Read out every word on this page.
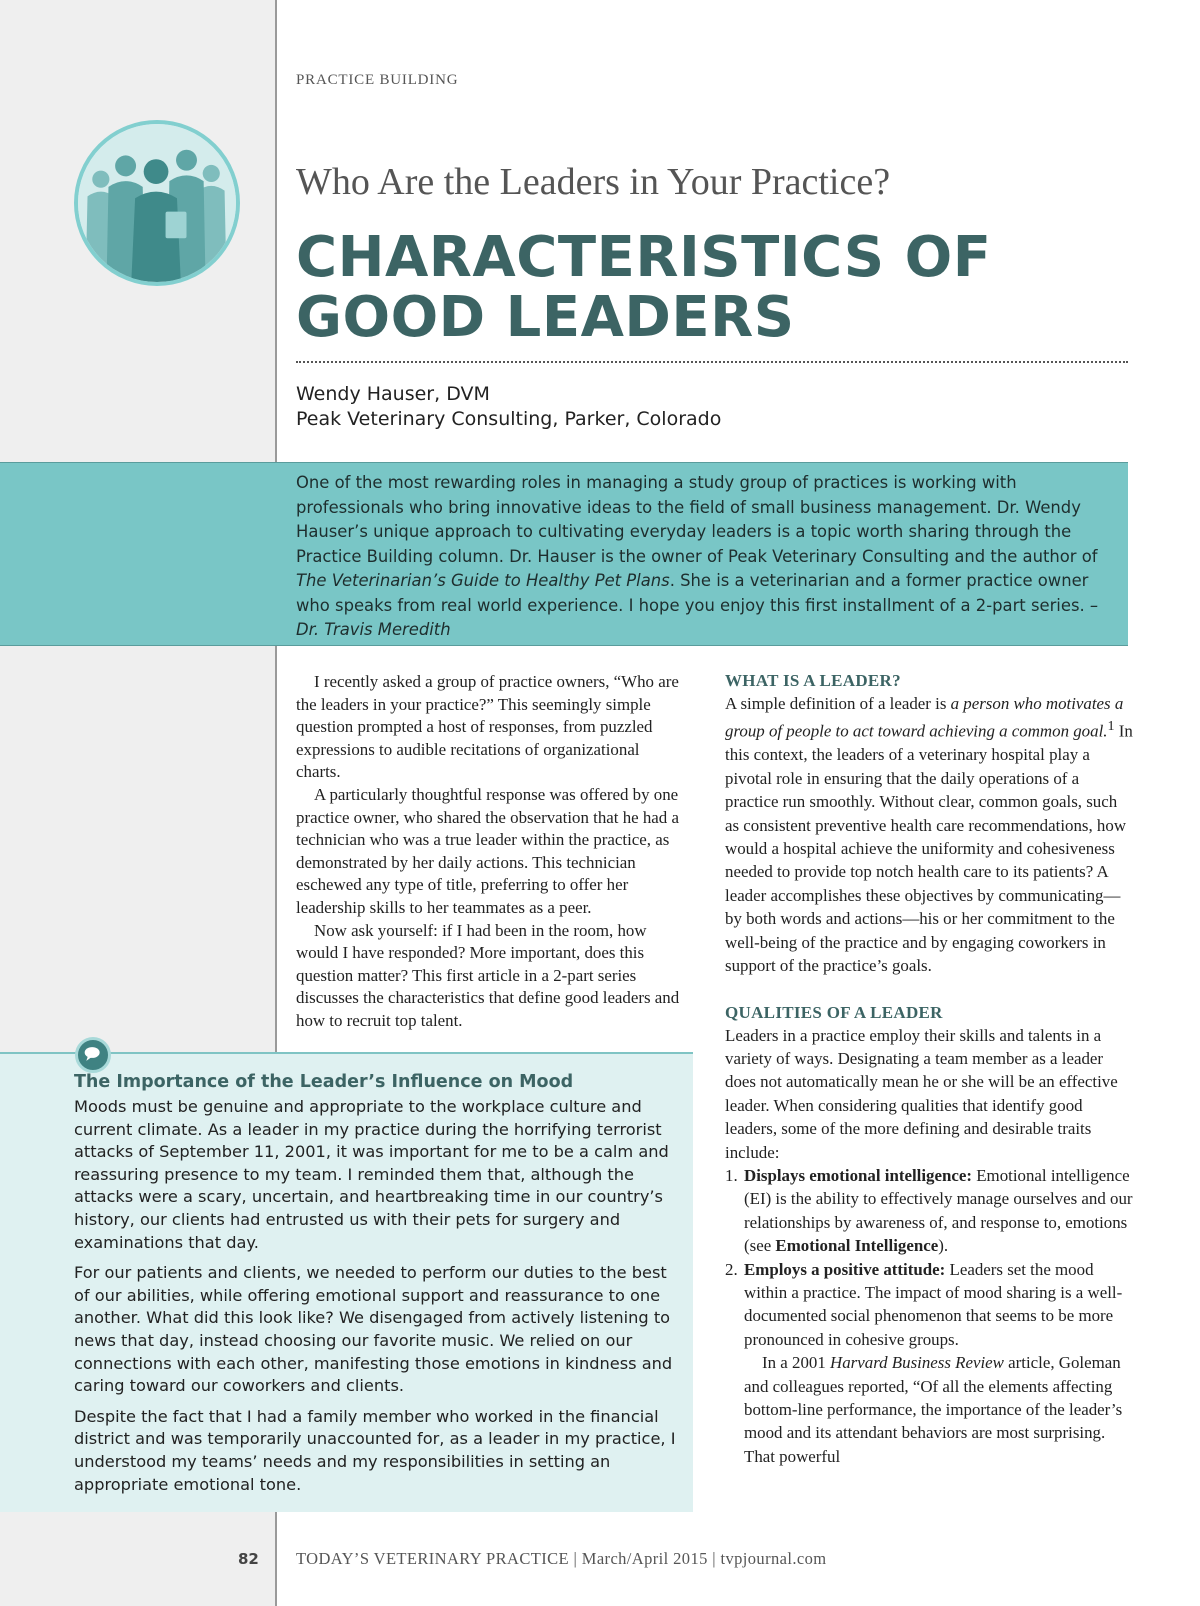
PRACTICE BUILDING
Who Are the Leaders in Your Practice?
CHARACTERISTICS OF
GOOD LEADERS
Wendy Hauser, DVM
Peak Veterinary Consulting, Parker, Colorado
One of the most rewarding roles in managing a study group of practices is working with professionals who bring innovative ideas to the field of small business management. Dr. Wendy Hauser’s unique approach to cultivating everyday leaders is a topic worth sharing through the Practice Building column. Dr. Hauser is the owner of Peak Veterinary Consulting and the author of The Veterinarian’s Guide to Healthy Pet Plans. She is a veterinarian and a former practice owner who speaks from real world experience. I hope you enjoy this first installment of a 2-part series. –Dr. Travis Meredith

I recently asked a group of practice owners, “Who are the leaders in your practice?” This seemingly simple question prompted a host of responses, from puzzled expressions to audible recitations of organizational charts.

A particularly thoughtful response was offered by one practice owner, who shared the observation that he had a technician who was a true leader within the practice, as demonstrated by her daily actions. This technician eschewed any type of title, preferring to offer her leadership skills to her teammates as a peer.

Now ask yourself: if I had been in the room, how would I have responded? More important, does this question matter? This first article in a 2-part series discusses the characteristics that define good leaders and how to recruit top talent.

WHAT IS A LEADER?

A simple definition of a leader is a person who motivates a group of people to act toward achieving a common goal.$^1$ In this context, the leaders of a veterinary hospital play a pivotal role in ensuring that the daily operations of a practice run smoothly. Without clear, common goals, such as consistent preventive health care recommendations, how would a hospital achieve the uniformity and cohesiveness needed to provide top notch health care to its patients? A leader accomplishes these objectives by communicating—by both words and actions—his or her commitment to the well-being of the practice and by engaging coworkers in support of the practice’s goals.

QUALITIES OF A LEADER

Leaders in a practice employ their skills and talents in a variety of ways. Designating a team member as a leader does not automatically mean he or she will be an effective leader. When considering qualities that identify good leaders, some of the more defining and desirable traits include:

1. Displays emotional intelligence: Emotional intelligence (EI) is the ability to effectively manage ourselves and our relationships by awareness of, and response to, emotions (see Emotional Intelligence).
2. Employs a positive attitude: Leaders set the mood within a practice. The impact of mood sharing is a well-documented social phenomenon that seems to be more pronounced in cohesive groups.

In a 2001 Harvard Business Review article, Goleman and colleagues reported, “Of all the elements affecting bottom-line performance, the importance of the leader’s mood and its attendant behaviors are most surprising. That powerful

The Importance of the Leader’s Influence on Mood

Moods must be genuine and appropriate to the workplace culture and current climate. As a leader in my practice during the horrifying terrorist attacks of September 11, 2001, it was important for me to be a calm and reassuring presence to my team. I reminded them that, although the attacks were a scary, uncertain, and heartbreaking time in our country’s history, our clients had entrusted us with their pets for surgery and examinations that day.

For our patients and clients, we needed to perform our duties to the best of our abilities, while offering emotional support and reassurance to one another. What did this look like? We disengaged from actively listening to news that day, instead choosing our favorite music. We relied on our connections with each other, manifesting those emotions in kindness and caring toward our coworkers and clients.

Despite the fact that I had a family member who worked in the financial district and was temporarily unaccounted for, as a leader in my practice, I understood my teams’ needs and my responsibilities in setting an appropriate emotional tone.

82 TODAY’S VETERINARY PRACTICE | March/April 2015 | tvpjournal.com
